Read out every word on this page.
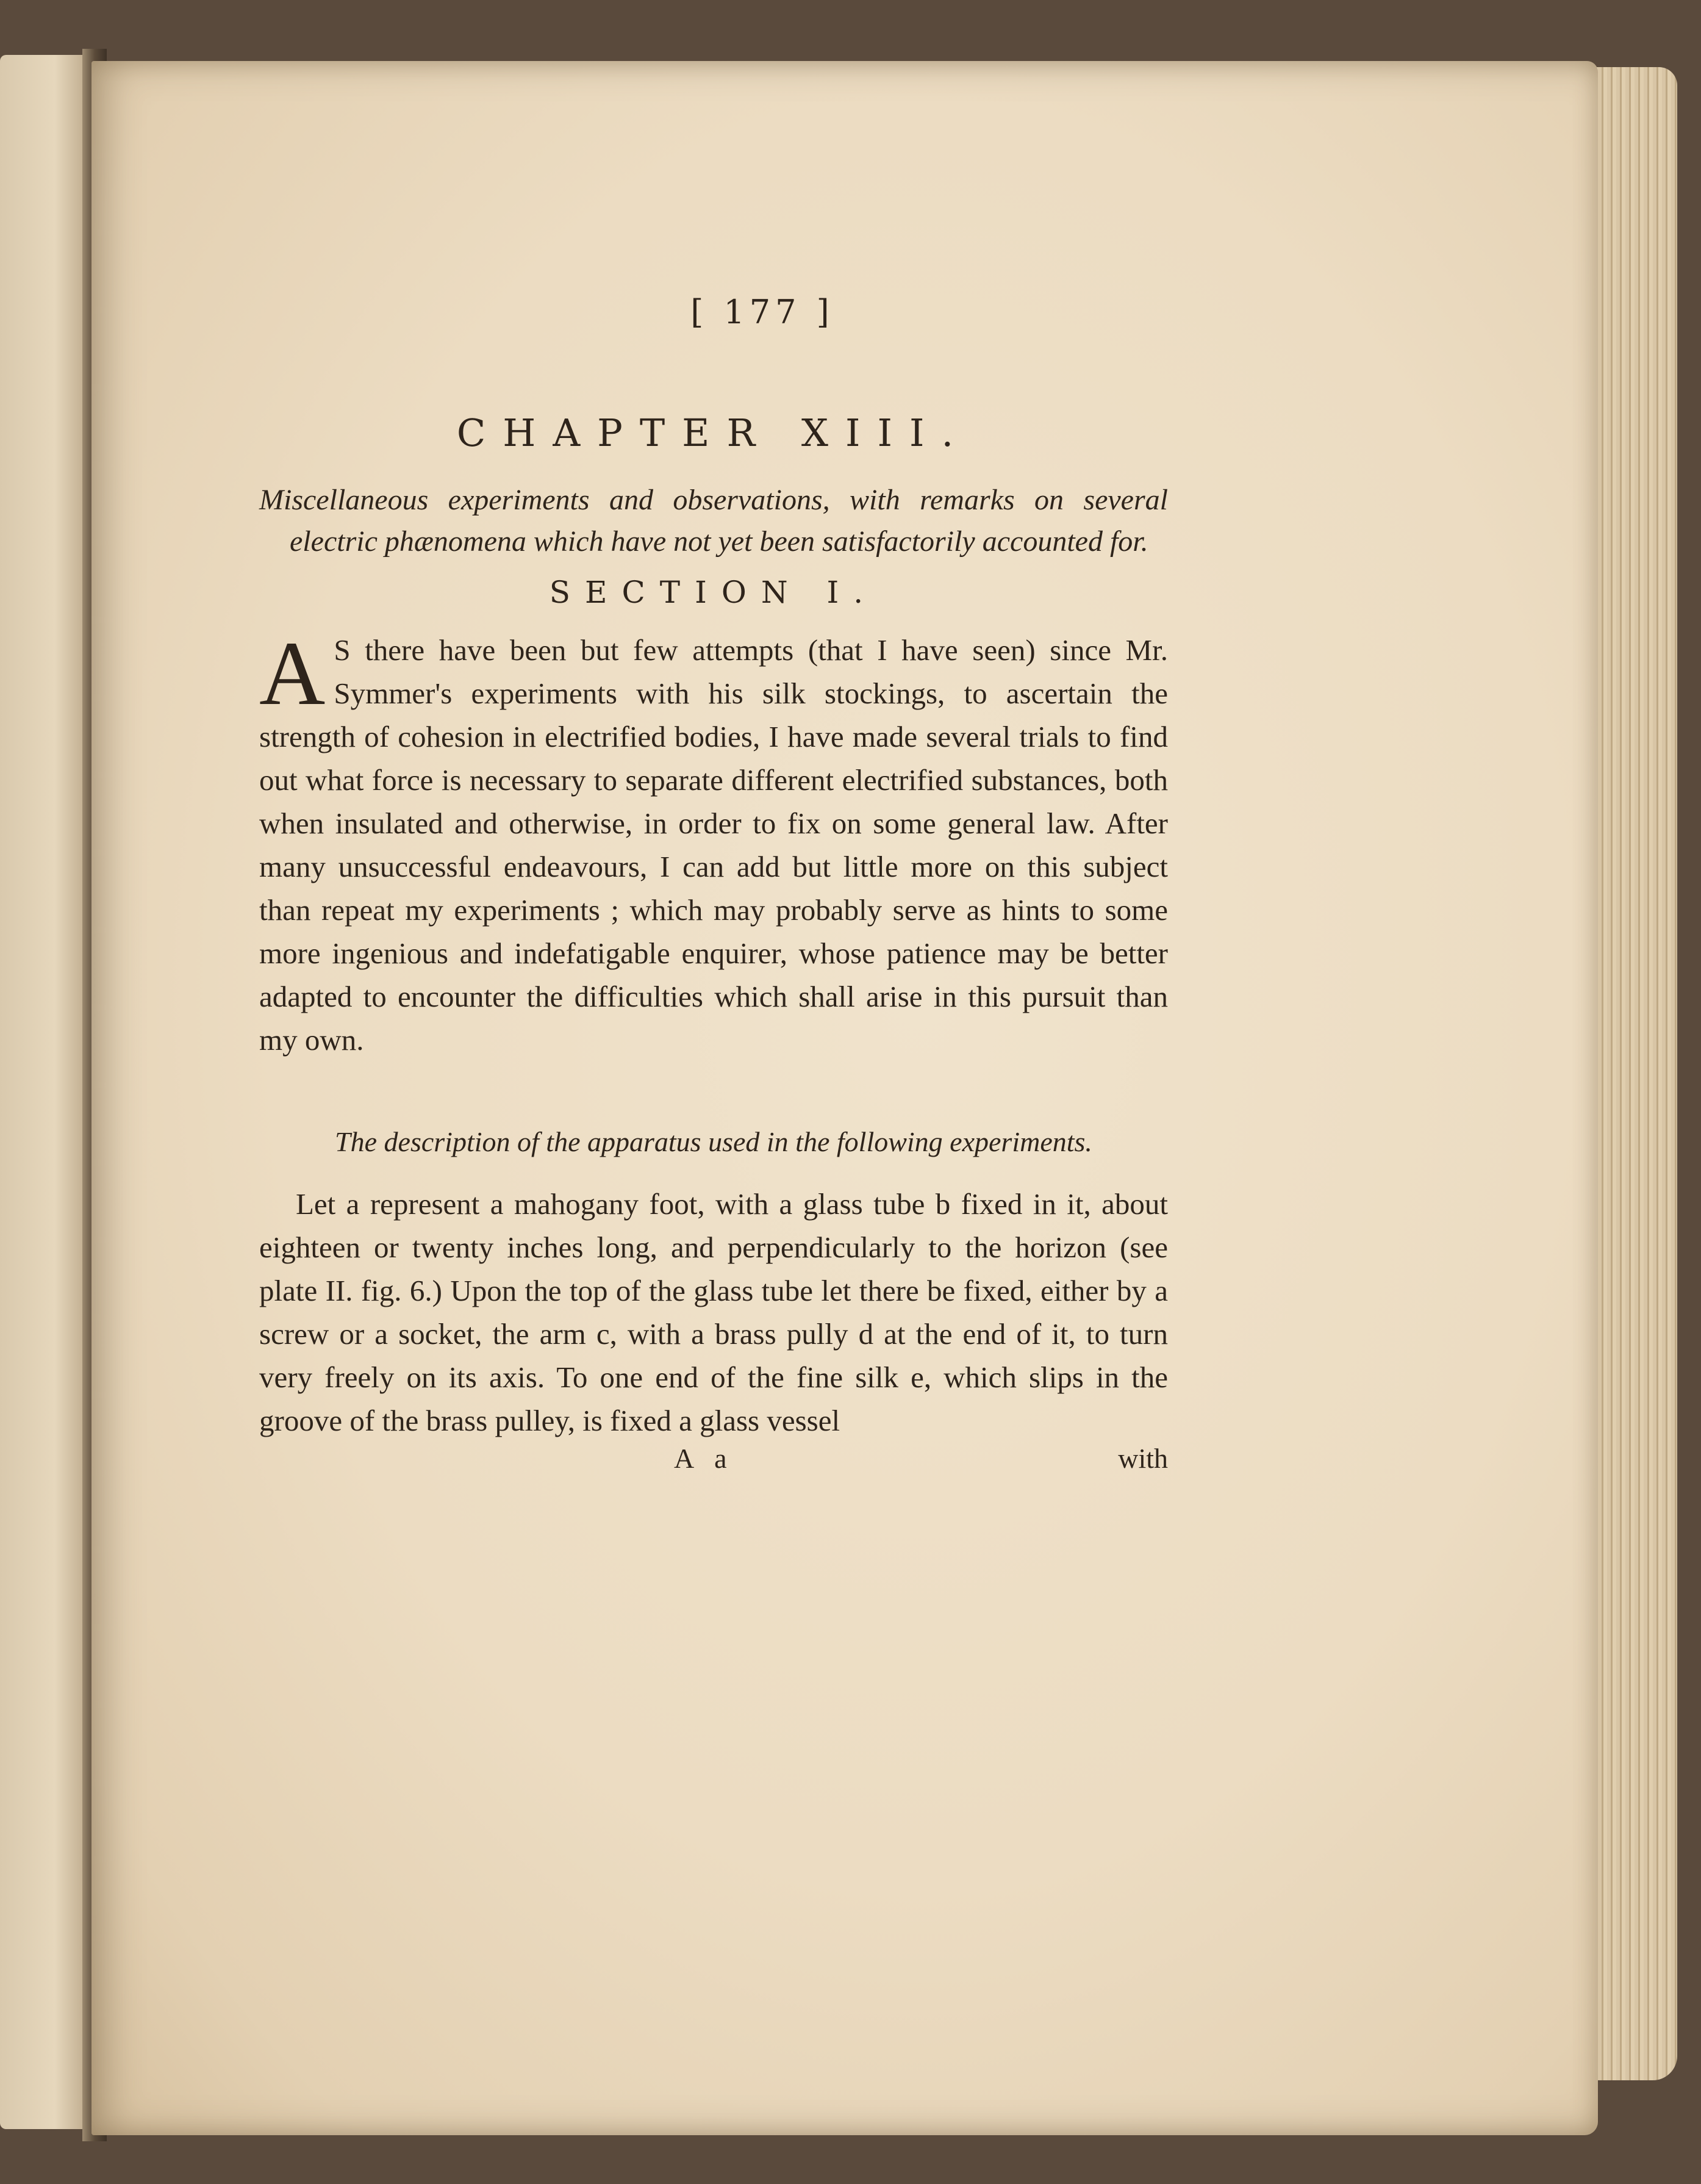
[ 177 ]
CHAPTER XIII.

Miscellaneous experiments and observations, with remarks on several electric phænomena which have not yet been satisfactorily accounted for.

SECTION I.
A S there have been but few attempts (that I have seen) since Mr. Symmer's experiments with his silk stockings, to ascertain the strength of cohesion in electrified bodies, I have made several trials to find out what force is necessary to separate different electrified substances, both when insulated and otherwise, in order to fix on some general law. After many unsuccessful endeavours, I can add but little more on this subject than repeat my experiments ; which may probably serve as hints to some more ingenious and indefatigable enquirer, whose patience may be better adapted to encounter the difficulties which shall arise in this pursuit than my own.

The description of the apparatus used in the following experiments.

Let a represent a mahogany foot, with a glass tube b fixed in it, about eighteen or twenty inches long, and perpendicularly to the horizon (see plate II. fig. 6.) Upon the top of the glass tube let there be fixed, either by a screw or a socket, the arm c, with a brass pully d at the end of it, to turn very freely on its axis. To one end of the fine silk e, which slips in the groove of the brass pulley, is fixed a glass vessel

A a	with
